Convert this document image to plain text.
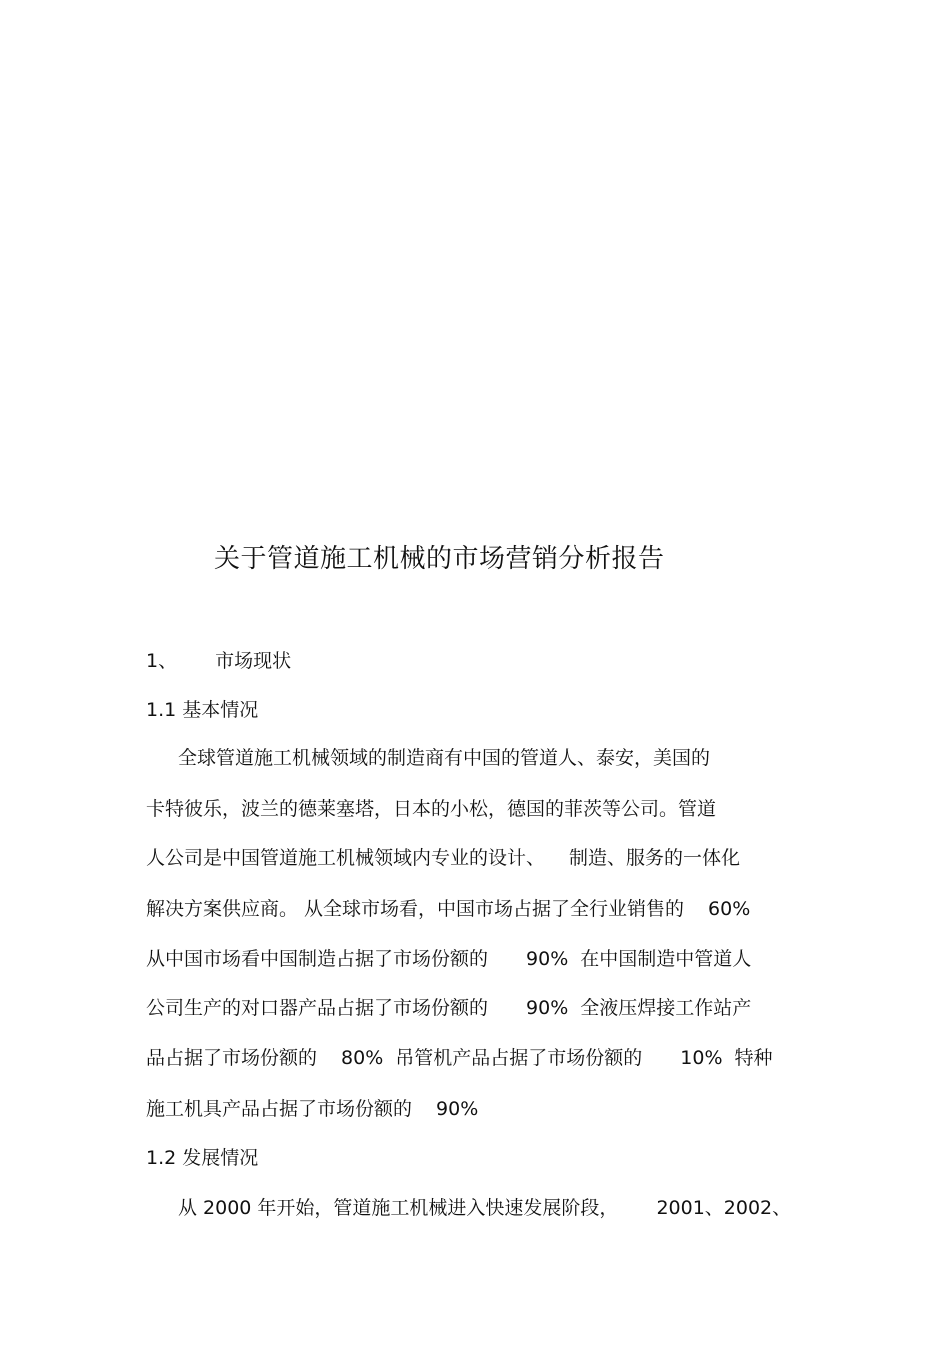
关于管道施工机械的市场营销分析报告
1、 市场现状
1.1 基本情况
全球管道施工机械领域的制造商有中国的管道人、泰安，美国的
卡特彼乐，波兰的德莱塞塔，日本的小松，德国的菲茨等公司。管道
人公司是中国管道施工机械领域内专业的设计、 制造、服务的一体化
解决方案供应商。 从全球市场看，中国市场占据了全行业销售的 60%
从中国市场看中国制造占据了市场份额的 90% 在中国制造中管道人
公司生产的对口器产品占据了市场份额的 90% 全液压焊接工作站产
品占据了市场份额的 80% 吊管机产品占据了市场份额的 10% 特种
施工机具产品占据了市场份额的 90%
1.2 发展情况
从 2000 年开始，管道施工机械进入快速发展阶段， 2001、2002、
